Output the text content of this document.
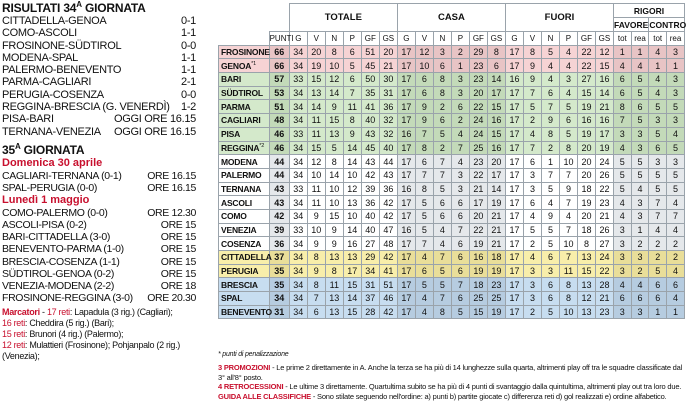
RISULTATI $34^A$ GIORNATA
CITTADELLA-GENOA	0-1
COMO-ASCOLI	1-1
FROSINONE-SÜDTIROL	0-0
MODENA-SPAL	1-1
PALERMO-BENEVENTO	1-1
PARMA-CAGLIARI	2-1
PERUGIA-COSENZA	0-0
REGGINA-BRESCIA (G. VENERDÌ) 1-2
PISA-BARI	OGGI ORE 16.15
TERNANA-VENEZIA OGGI ORE 16.15
$35^A$ GIORNATA
Domenica 30 aprile
CAGLIARI-TERNANA (0-1) ORE 16.15
SPAL-PERUGIA (0-0)	ORE 16.15
Lunedì 1 maggio
COMO-PALERMO (0-0)	ORE 12.30
ASCOLI-PISA (0-2)	ORE 15
BARI-CITTADELLA (3-0)	ORE 15
BENEVENTO-PARMA (1-0)	ORE 15
BRESCIA-COSENZA (1-1)	ORE 15
SÜDTIROL-GENOA (0-2)	ORE 15
VENEZIA-MODENA (2-2)	ORE 18
FROSINONE-REGGINA (3-0) ORE 20.30
Marcatori - 17 reti: Lapadula (3 rig.) (Cagliari);
16 reti: Cheddira (5 rig.) (Bari);
15 reti: Brunori (4 rig.) (Palermo);
12 reti: Mulattieri (Frosinone); Pohjanpalo (2 rig.) (Venezia);
		TOTALE						CASA						FUORI						RIGORI			
																				FAVORE		CONTRO	
	PUNTI	G	V	N	P	GF	GS	G	V	N	P	GF	GS	G	V	N	P	GF	GS	tot	rea	tot	rea
FROSINONE	66	34	20	8	6	51	20	17	12	3	2	29	8	17	8	5	4	22	12	1	1	4	3
GENOA$^{*1}$	66	34	19	10	5	45	21	17	10	6	1	23	6	17	9	4	4	22	15	4	4	1	1
BARI	57	33	15	12	6	50	30	17	6	8	3	23	14	16	9	4	3	27	16	6	5	4	3
SÜDTIROL	53	34	13	14	7	35	31	17	6	8	3	20	17	17	7	6	4	15	14	6	5	4	3
PARMA	51	34	14	9	11	41	36	17	9	2	6	22	15	17	5	7	5	19	21	8	6	5	5
CAGLIARI	48	34	11	15	8	40	32	17	9	6	2	24	16	17	2	9	6	16	16	7	5	3	3
PISA	46	33	11	13	9	43	32	16	7	5	4	24	15	17	4	8	5	19	17	3	3	5	4
REGGINA$^{*2}$	46	34	15	5	14	45	40	17	8	2	7	25	16	17	7	2	8	20	19	4	3	6	5
MODENA	44	34	12	8	14	43	44	17	6	7	4	23	20	17	6	1	10	20	24	5	5	3	3
PALERMO	44	34	10	14	10	42	43	17	7	7	3	22	17	17	3	7	7	20	26	5	5	5	5
TERNANA	43	33	11	10	12	39	36	16	8	5	3	21	14	17	3	5	9	18	22	5	4	5	5
ASCOLI	43	34	11	10	13	36	42	17	5	6	6	17	19	17	6	4	7	19	23	4	3	7	4
COMO	42	34	9	15	10	40	42	17	5	6	6	20	21	17	4	9	4	20	21	4	3	7	7
VENEZIA	39	33	10	9	14	40	47	16	5	4	7	22	21	17	5	5	7	18	26	3	1	4	4
COSENZA	36	34	9	9	16	27	48	17	7	4	6	19	21	17	2	5	10	8	27	3	2	2	2
CITTADELLA	37	34	8	13	13	29	42	17	4	7	6	16	18	17	4	6	7	13	24	3	3	2	2
PERUGIA	35	34	9	8	17	34	41	17	6	5	6	19	19	17	3	3	11	15	22	3	2	5	4
BRESCIA	35	34	8	11	15	31	51	17	5	5	7	18	23	17	3	6	8	13	28	4	4	6	6
SPAL	34	34	7	13	14	37	46	17	4	7	6	25	25	17	3	6	8	12	21	6	6	6	4
BENEVENTO	31	34	6	13	15	28	42	17	4	8	5	15	19	17	2	5	10	13	23	3	3	1	1
* punti di penalizzazione
3 PROMOZIONI - Le prime 2 direttamente in A. Anche la terza se ha più di 14 lunghezze sulla quarta, altrimenti play off tra le squadre classificate dal 3° all'8° posto.
4 RETROCESSIONI - Le ultime 3 direttamente. Quartultima subito se ha più di 4 punti di svantaggio dalla quintultima, altrimenti play out tra loro due.
GUIDA ALLE CLASSIFICHE - Sono stilate seguendo nell'ordine: a) punti b) partite giocate c) differenza reti d) gol realizzati e) ordine alfabetico.
